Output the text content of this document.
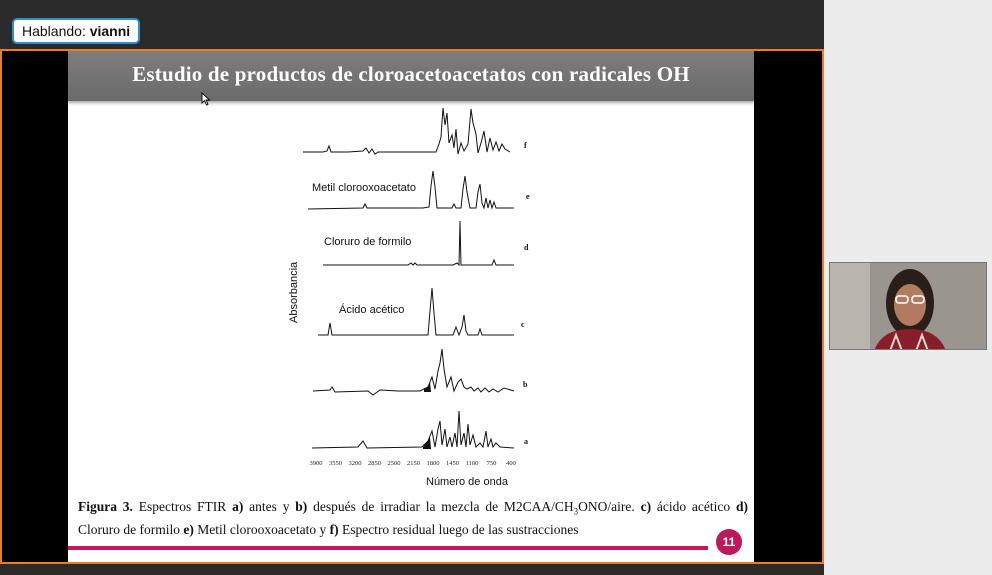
Hablando: vianni
Estudio de productos de cloroacetoacetatos con radicales OH
Absorbancia
f
Metil clorooxoacetato
e
Cloruro de formilo	d
Ácido acético
c
b
a
3900 3550 3200 2850 2500 2150 1800 1450 1100 750 400
Número de onda
Figura 3. Espectros FTIR a) antes y b) después de irradiar la mezcla de $M2CAA/CH_3ONO$/aire. c) ácido acético d) Cloruro de formilo e) Metil clorooxoacetato y f) Espectro residual luego de las sustracciones
11
